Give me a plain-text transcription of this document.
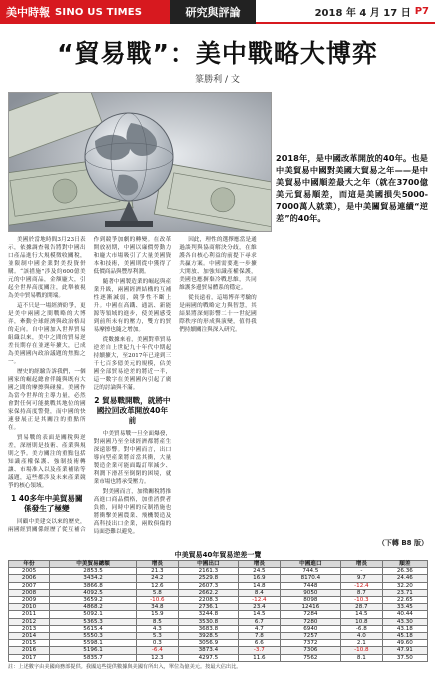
美中時報 SINO US TIMES	研究與評論	2018 年 4 月 17 日 P7
“貿易戰”：美中戰略大博弈
篆勝利 / 文
2018年，是中國改革開放的40年。也是中美貿易中國對美國大貿易之年——是中美貿易中國順差最大之年（就在3700億美元貿易順差，而這是美國損失5000-7000萬人就業），是中美關貿易連續“逆差”的40年。

美國於當地時間3月23日表示，依據調查報告將對中國出口產品進行大規模徵收關稅，並限制中國企業對美投資併購。“該措施”涉及約600億美元的中國商品，金額龐大，引起全世界高度關注，此舉被視為美中貿易戰的開端。

這不只是一場經濟紛爭，更是美中兩國之間戰略的大博弈，牽動全球經濟與政治格局的走向。自中國加入世界貿易組織以來，美中之間的貿易逆差長期存在並逐年擴大，已成為美國國內政治議題的焦點之一。

歷史的經驗告訴我們，一個國家的崛起總會伴隨與既有大國之間的摩擦與碰撞。美國作為當今世界的主導力量，必然會對任何可能挑戰其地位的國家保持高度警覺，而中國的快速發展正是其關注的重點所在。

貿易戰的表面是關稅與逆差，深層則是技術、產業與規則之爭。美方關注的重點包括知識產權保護、強制技術轉讓、市場准入以及產業補貼等議題，這些都涉及未來產業競爭的核心領域。

1 40多年中美貿易關係發生了極變

回顧中美建交以來的歷史，兩國經貿關係經歷了從互補合作到競爭加劇的轉變。在改革開放初期，中國以廉價勞動力和龐大市場吸引了大量美國資本和技術，美國則從中獲得了低價商品與豐厚利潤。

隨著中國製造業的崛起與產業升級，兩國經濟結構的互補性逐漸減弱，競爭性不斷上升。中國在高鐵、通訊、新能源等領域的進步，使美國感受到前所未有的壓力，雙方的貿易摩擦也隨之增加。

從數據來看，美國對華貿易逆差自上世紀九十年代中期起持續擴大，至2017年已達到三千七百多億美元的規模，佔美國全部貿易逆差的將近一半，這一數字在美國國內引起了廣泛的討論與不滿。

2 貿易戰開戰，就將中國拉回改革開放40年前

中美貿易戰一旦全面爆發，對兩國乃至全球經濟都將產生深遠影響。對中國而言，出口導向型產業將首當其衝，大量製造企業可能面臨訂單減少、利潤下滑甚至倒閉的困境，就業市場也將承受壓力。

對美國而言，加徵關稅將推高進口商品價格，加重消費者負擔，同時中國的反制措施也將衝擊美國農業、飛機製造及高科技出口企業，兩敗俱傷的局面恐難以避免。

因此，理性的選擇應當是通過談判與協商解決分歧，在維護各自核心利益的前提下尋求共贏方案。中國需要進一步擴大開放、加強知識產權保護，美國也應摒棄冷戰思維，共同維護多邊貿易體系的穩定。

從長遠看，這場博弈考驗的是兩國的戰略定力與智慧，其結果將深刻影響二十一世紀國際秩序的形成與演變，值得我們持續關注與深入研究。

（下轉 B8 版）
中美貿易40年貿易逆差一覽
年份	中美貿易總額	增長	中國出口	增長	中國進口	增長	順差
2005	2853.5	21.3	2161.3	24.5	744.5	-	26.36
2006	3434.2	24.2	2529.8	16.9	8170.4	9.7	24.46
2007	3866.8	12.6	2607.3	14.8	7448	-12.4	32.20
2008	4092.5	5.8	2662.2	8.4	9050	8.7	23.71
2009	3659.2	-10.6	2208.3	-12.4	8098	-10.3	22.65
2010	4868.2	34.8	2736.1	23.4	12416	28.7	33.45
2011	5092.1	15.9	3244.8	14.5	7284	14.5	40.44
2012	5365.3	8.5	3530.8	6.7	7280	10.8	43.30
2013	5615.4	4.3	3683.8	4.7	6940	-6.8	43.18
2014	5550.3	5.3	3928.5	7.8	7257	4.0	45.18
2015	5598.1	0.3	3056.9	6.6	7372	2.1	49.60
2016	5196.1	-6.4	3873.4	-3.7	7306	-10.8	47.91
2017	5835.7	12.3	4297.5	11.6	7562	8.1	37.50
註：上述數字由美國商務部提供。我國這些提供數據與美國有所出入，單位為億美元。按最大佔出比。
